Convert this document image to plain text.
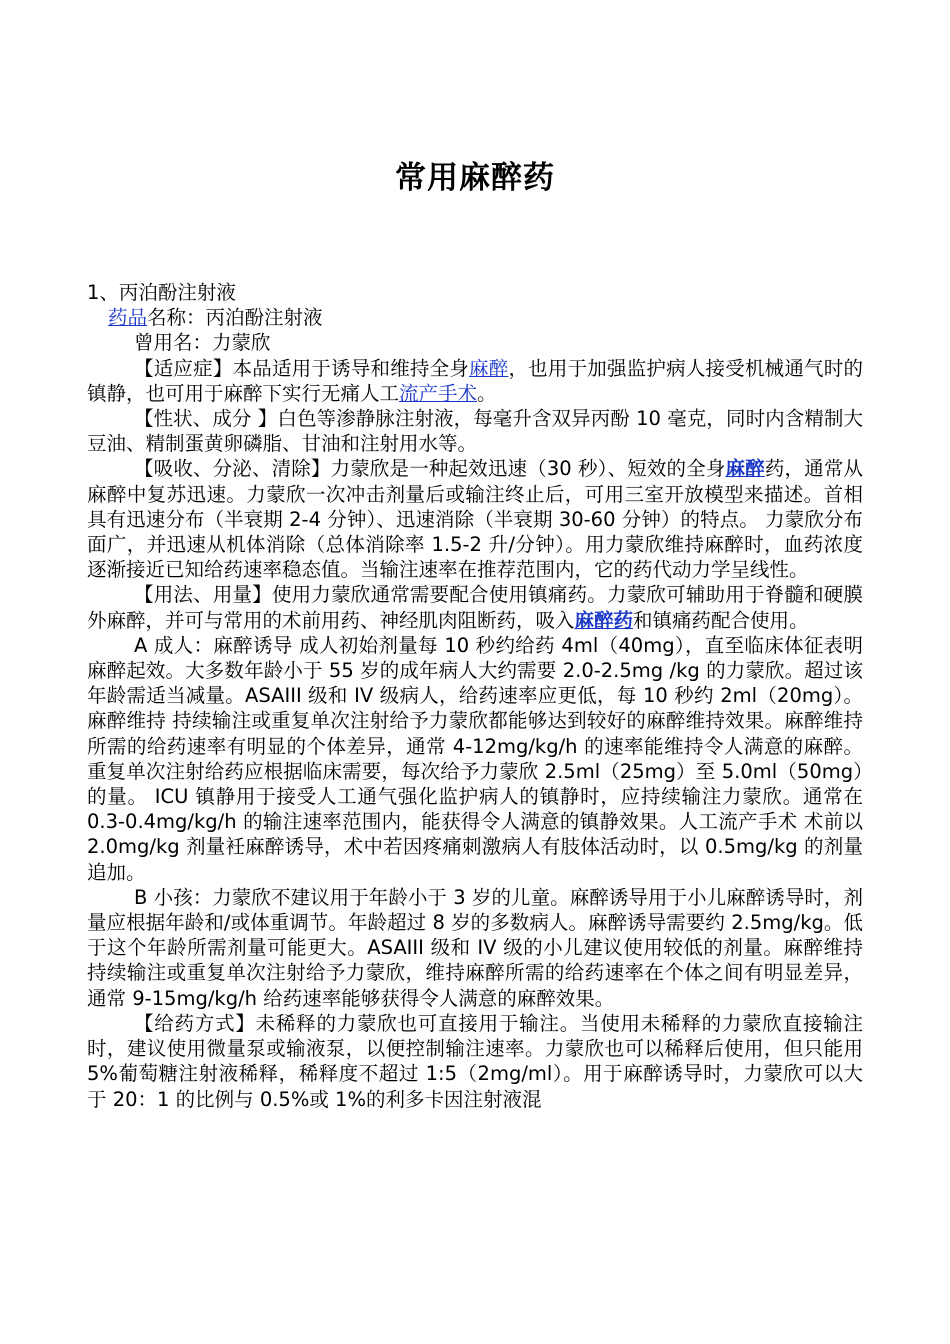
常用麻醉药

1、丙泊酚注射液

药品名称：丙泊酚注射液

曾用名：力蒙欣

【适应症】本品适用于诱导和维持全身麻醉，也用于加强监护病人接受机械通气时的镇静，也可用于麻醉下实行无痛人工流产手术。

【性状、成分 】白色等渗静脉注射液，每毫升含双异丙酚 10 毫克，同时内含精制大豆油、精制蛋黄卵磷脂、甘油和注射用水等。

【吸收、分泌、清除】力蒙欣是一种起效迅速（30 秒）、短效的全身麻醉药，通常从麻醉中复苏迅速。力蒙欣一次冲击剂量后或输注终止后，可用三室开放模型来描述。首相具有迅速分布（半衰期 2-4 分钟）、迅速消除（半衰期 30-60 分钟）的特点。 力蒙欣分布面广，并迅速从机体消除（总体消除率 1.5-2 升/分钟）。用力蒙欣维持麻醉时，血药浓度逐渐接近已知给药速率稳态值。当输注速率在推荐范围内，它的药代动力学呈线性。

【用法、用量】使用力蒙欣通常需要配合使用镇痛药。力蒙欣可辅助用于脊髓和硬膜外麻醉，并可与常用的术前用药、神经肌肉阻断药，吸入麻醉药和镇痛药配合使用。

A 成人：麻醉诱导 成人初始剂量每 10 秒约给药 4ml（40mg），直至临床体征表明麻醉起效。大多数年龄小于 55 岁的成年病人大约需要 2.0-2.5mg /kg 的力蒙欣。超过该年龄需适当减量。ASAIII 级和 IV 级病人，给药速率应更低，每 10 秒约 2ml（20mg）。麻醉维持 持续输注或重复单次注射给予力蒙欣都能够达到较好的麻醉维持效果。麻醉维持所需的给药速率有明显的个体差异，通常 4-12mg/kg/h 的速率能维持令人满意的麻醉。重复单次注射给药应根据临床需要，每次给予力蒙欣 2.5ml（25mg）至 5.0ml（50mg）的量。 ICU 镇静用于接受人工通气强化监护病人的镇静时，应持续输注力蒙欣。通常在 0.3-0.4mg/kg/h 的输注速率范围内，能获得令人满意的镇静效果。人工流产手术 术前以 2.0mg/kg 剂量衽麻醉诱导，术中若因疼痛刺激病人有肢体活动时，以 0.5mg/kg 的剂量追加。

B 小孩：力蒙欣不建议用于年龄小于 3 岁的儿童。麻醉诱导用于小儿麻醉诱导时，剂量应根据年龄和/或体重调节。年龄超过 8 岁的多数病人。麻醉诱导需要约 2.5mg/kg。低于这个年龄所需剂量可能更大。ASAIII 级和 IV 级的小儿建议使用较低的剂量。麻醉维持持续输注或重复单次注射给予力蒙欣，维持麻醉所需的给药速率在个体之间有明显差异，通常 9-15mg/kg/h 给药速率能够获得令人满意的麻醉效果。

【给药方式】未稀释的力蒙欣也可直接用于输注。当使用未稀释的力蒙欣直接输注时，建议使用微量泵或输液泵，以便控制输注速率。力蒙欣也可以稀释后使用，但只能用 5%葡萄糖注射液稀释，稀释度不超过 1:5（2mg/ml）。用于麻醉诱导时，力蒙欣可以大于 20：1 的比例与 0.5%或 1%的利多卡因注射液混
